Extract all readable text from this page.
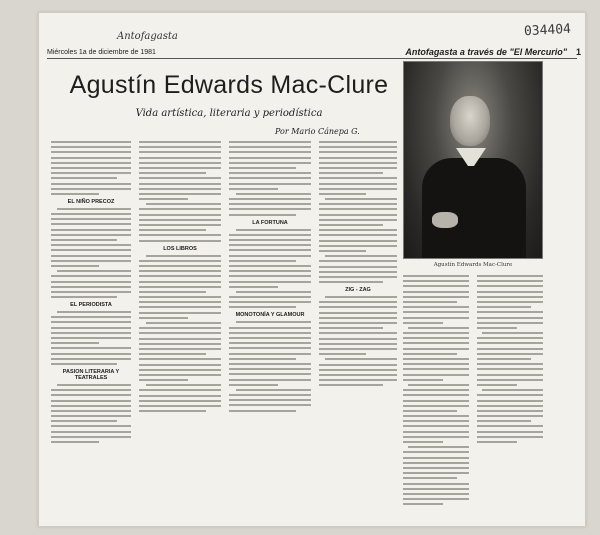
034404
Antofagasta
Miércoles 1a de diciembre de 1981	Antofagasta a través de "El Mercurio" 1
Agustín Edwards Mac-Clure
Vida artística, literaria y periodística
Por Mario Cánepa G.
Agustín Edwards Mac-Clure
EL NIÑO PRECOZ
EL PERIODISTA
PASION LITERARIA Y TEATRALES
LOS LIBROS
LA FORTUNA
MONOTONÍA Y GLAMOUR
ZIG - ZAG
